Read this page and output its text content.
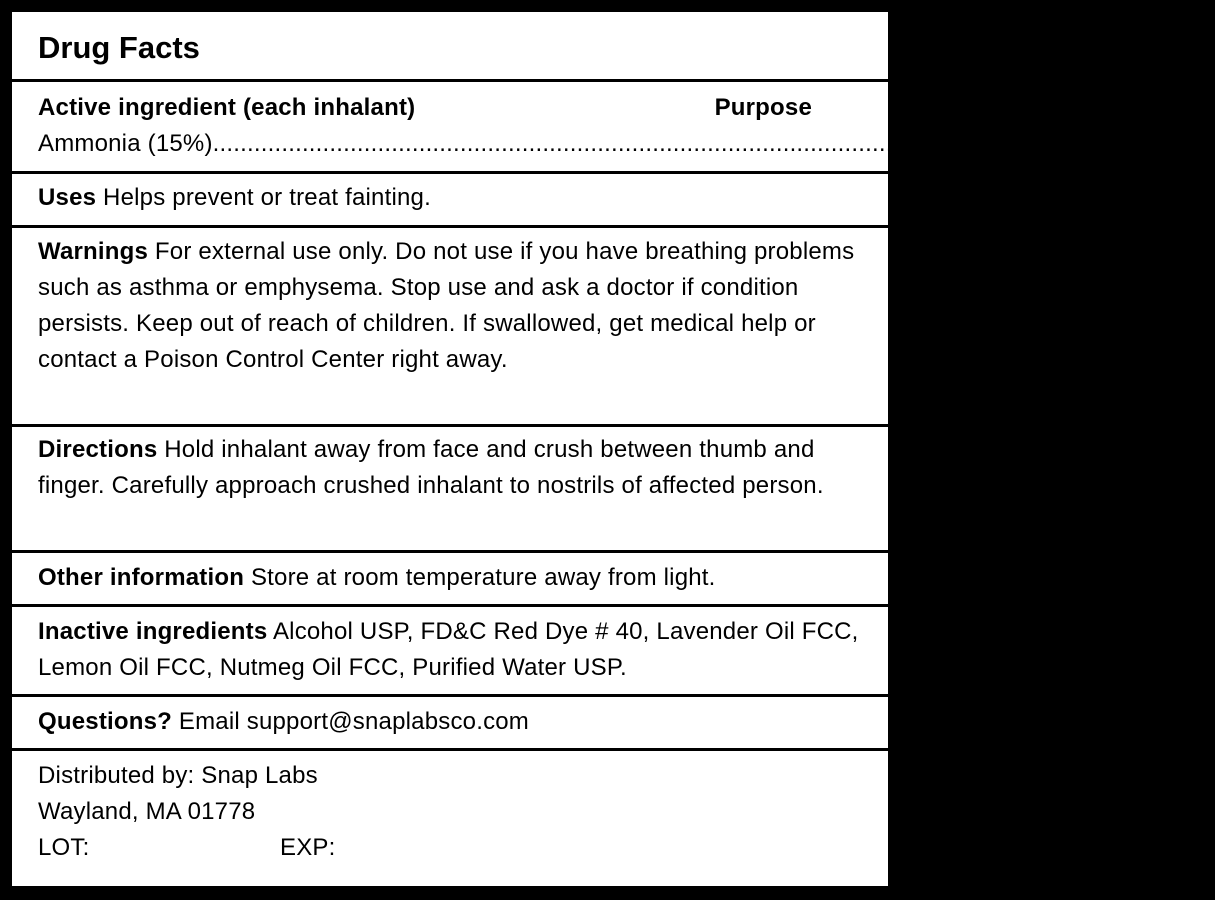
Drug Facts
Active ingredient (each inhalant)	Purpose
Ammonia (15%) .............................................................................................................................. Inhalant
Uses Helps prevent or treat fainting.
Warnings For external use only. Do not use if you have breathing problems such as asthma or emphysema. Stop use and ask a doctor if condition persists. Keep out of reach of children. If swallowed, get medical help or contact a Poison Control Center right away.
Directions Hold inhalant away from face and crush between thumb and finger. Carefully approach crushed inhalant to nostrils of affected person.
Other information Store at room temperature away from light.
Inactive ingredients Alcohol USP, FD&C Red Dye # 40, Lavender Oil FCC, Lemon Oil FCC, Nutmeg Oil FCC, Purified Water USP.
Questions? Email support@snaplabsco.com
Distributed by: Snap Labs
Wayland, MA 01778
LOT:	EXP:
